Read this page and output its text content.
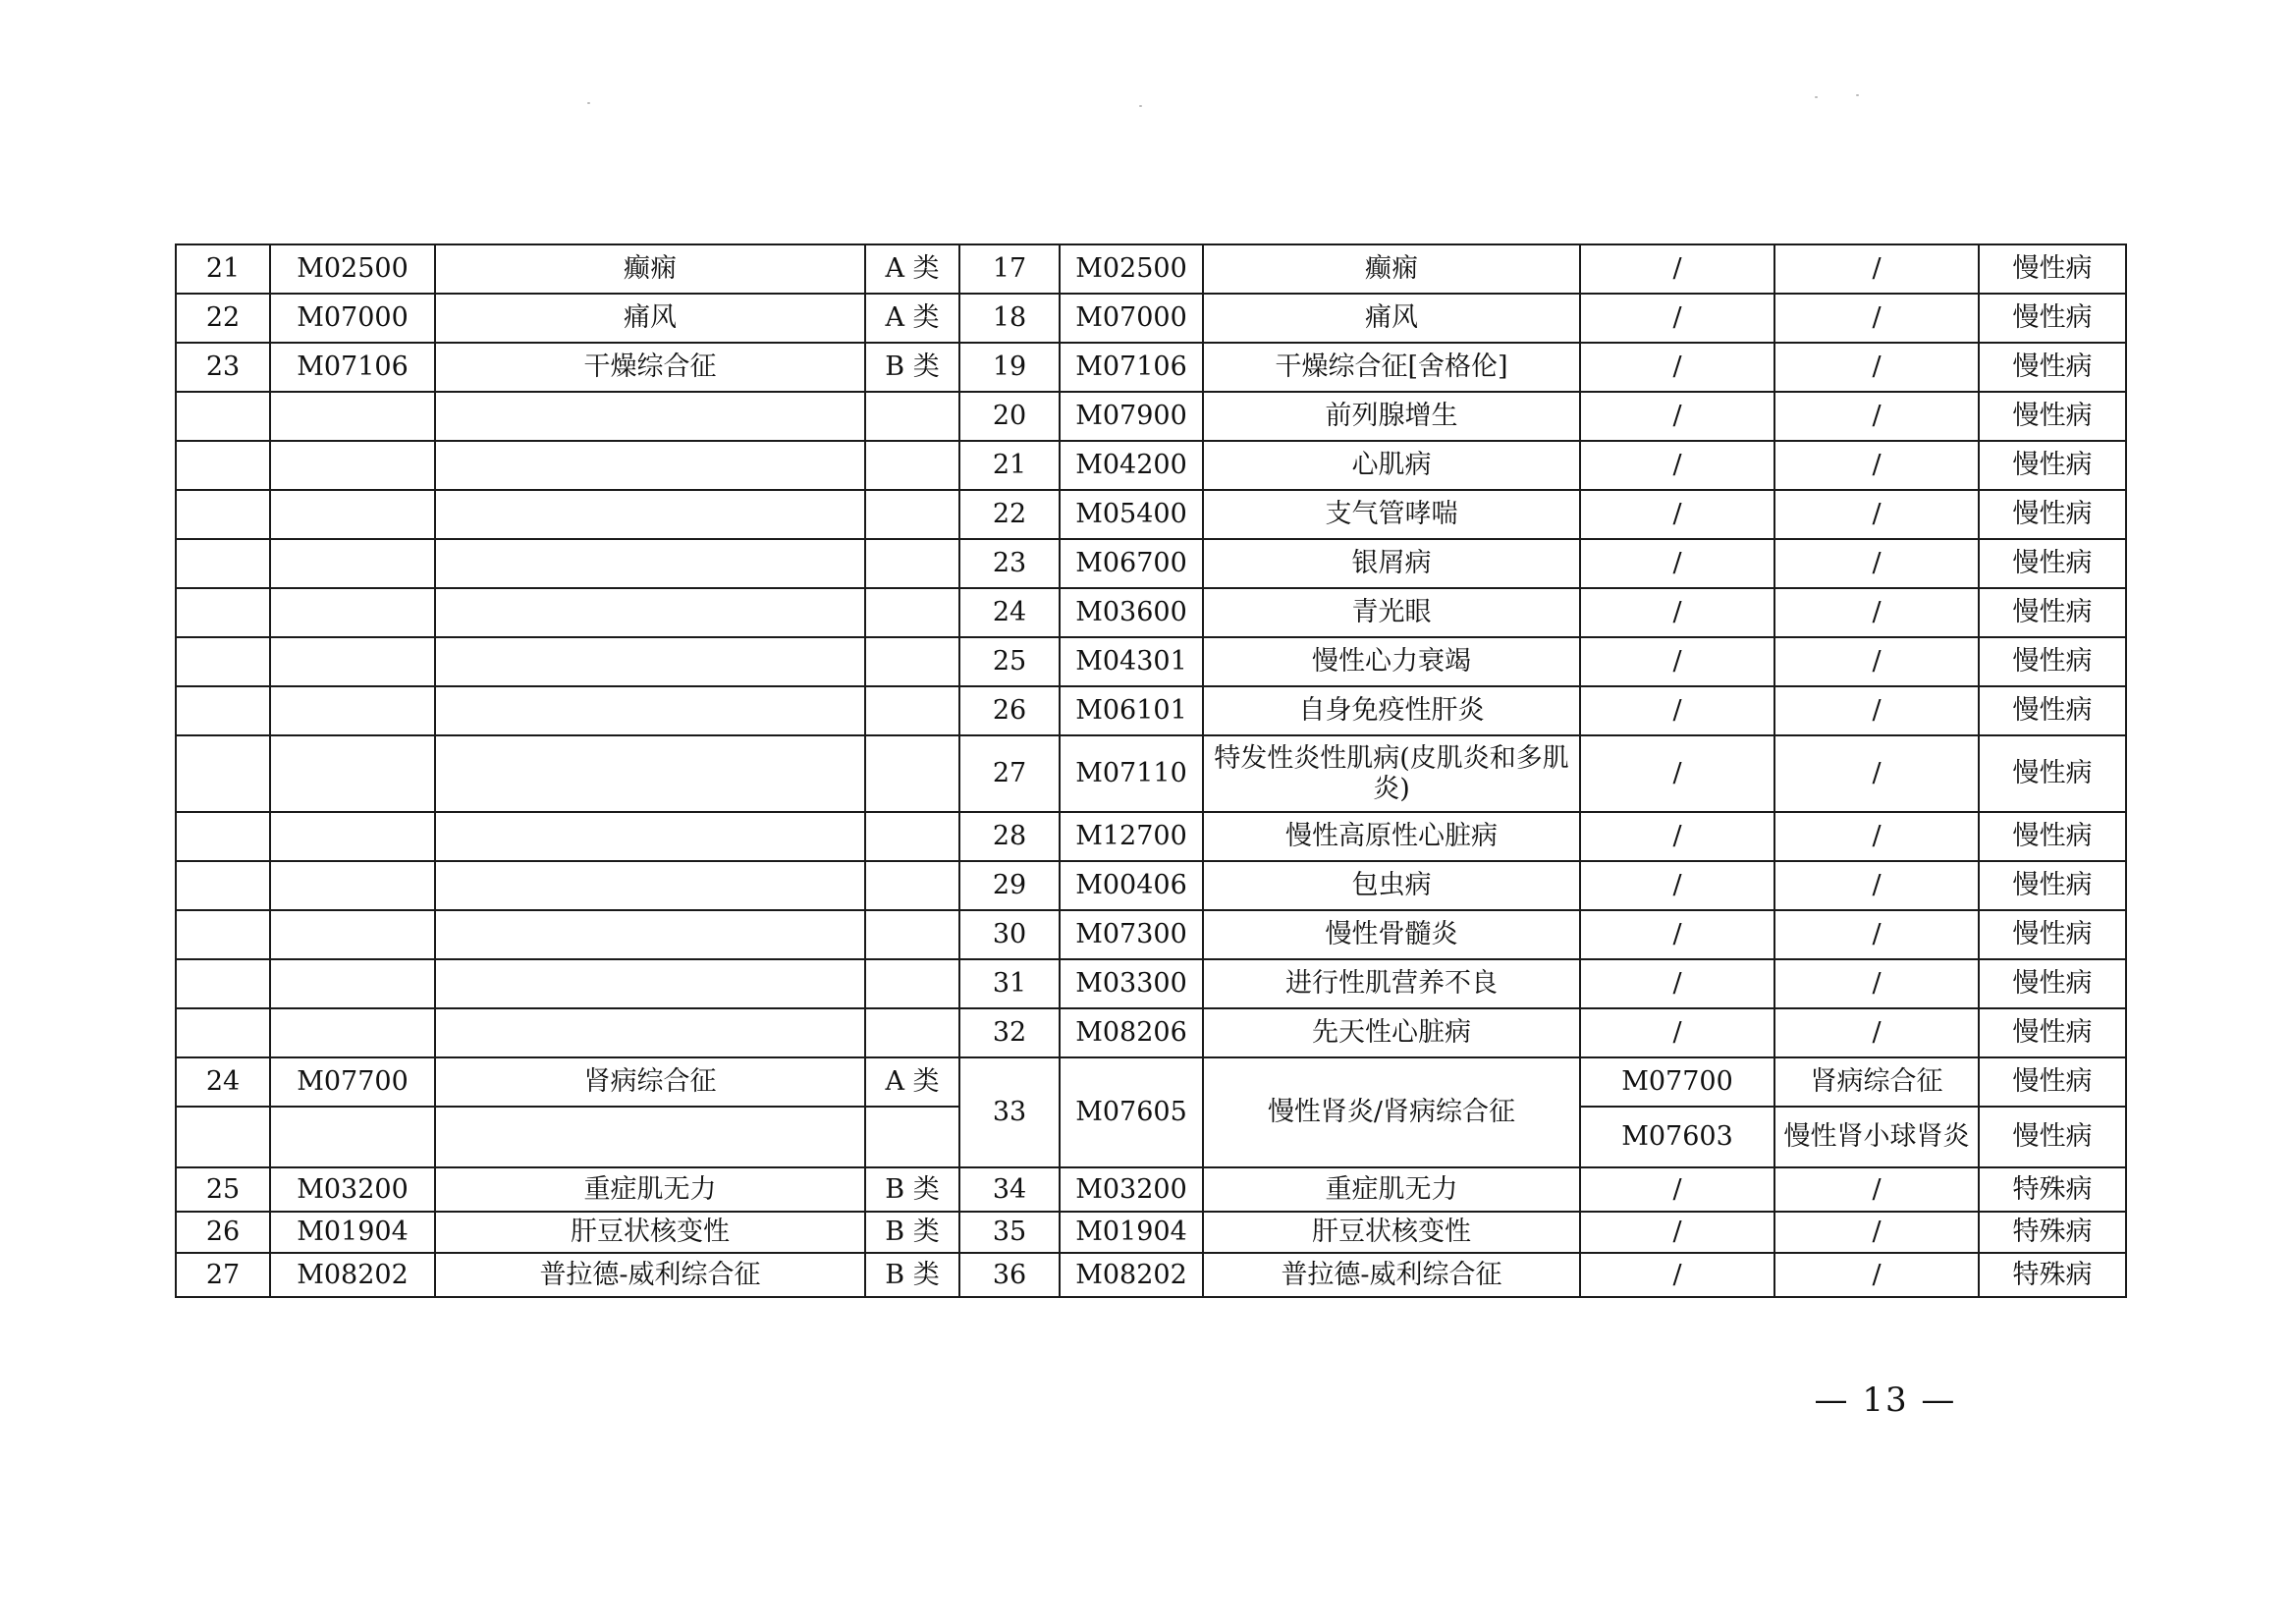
21	M02500	癫痫	A 类	17	M02500	癫痫	/	/	慢性病
22	M07000	痛风	A 类	18	M07000	痛风	/	/	慢性病
23	M07106	干燥综合征	B 类	19	M07106	干燥综合征[舍格伦]	/	/	慢性病
				20	M07900	前列腺增生	/	/	慢性病
				21	M04200	心肌病	/	/	慢性病
				22	M05400	支气管哮喘	/	/	慢性病
				23	M06700	银屑病	/	/	慢性病
				24	M03600	青光眼	/	/	慢性病
				25	M04301	慢性心力衰竭	/	/	慢性病
				26	M06101	自身免疫性肝炎	/	/	慢性病
				27	M07110	特发性炎性肌病(皮肌炎和多肌炎)	/	/	慢性病
				28	M12700	慢性高原性心脏病	/	/	慢性病
				29	M00406	包虫病	/	/	慢性病
				30	M07300	慢性骨髓炎	/	/	慢性病
				31	M03300	进行性肌营养不良	/	/	慢性病
				32	M08206	先天性心脏病	/	/	慢性病
24	M07700	肾病综合征	A 类	33	M07605	慢性肾炎/肾病综合征	M07700	肾病综合征	慢性病
							M07603	慢性肾小球肾炎	慢性病
25	M03200	重症肌无力	B 类	34	M03200	重症肌无力	/	/	特殊病
26	M01904	肝豆状核变性	B 类	35	M01904	肝豆状核变性	/	/	特殊病
27	M08202	普拉德-威利综合征	B 类	36	M08202	普拉德-威利综合征	/	/	特殊病
— 13 —
